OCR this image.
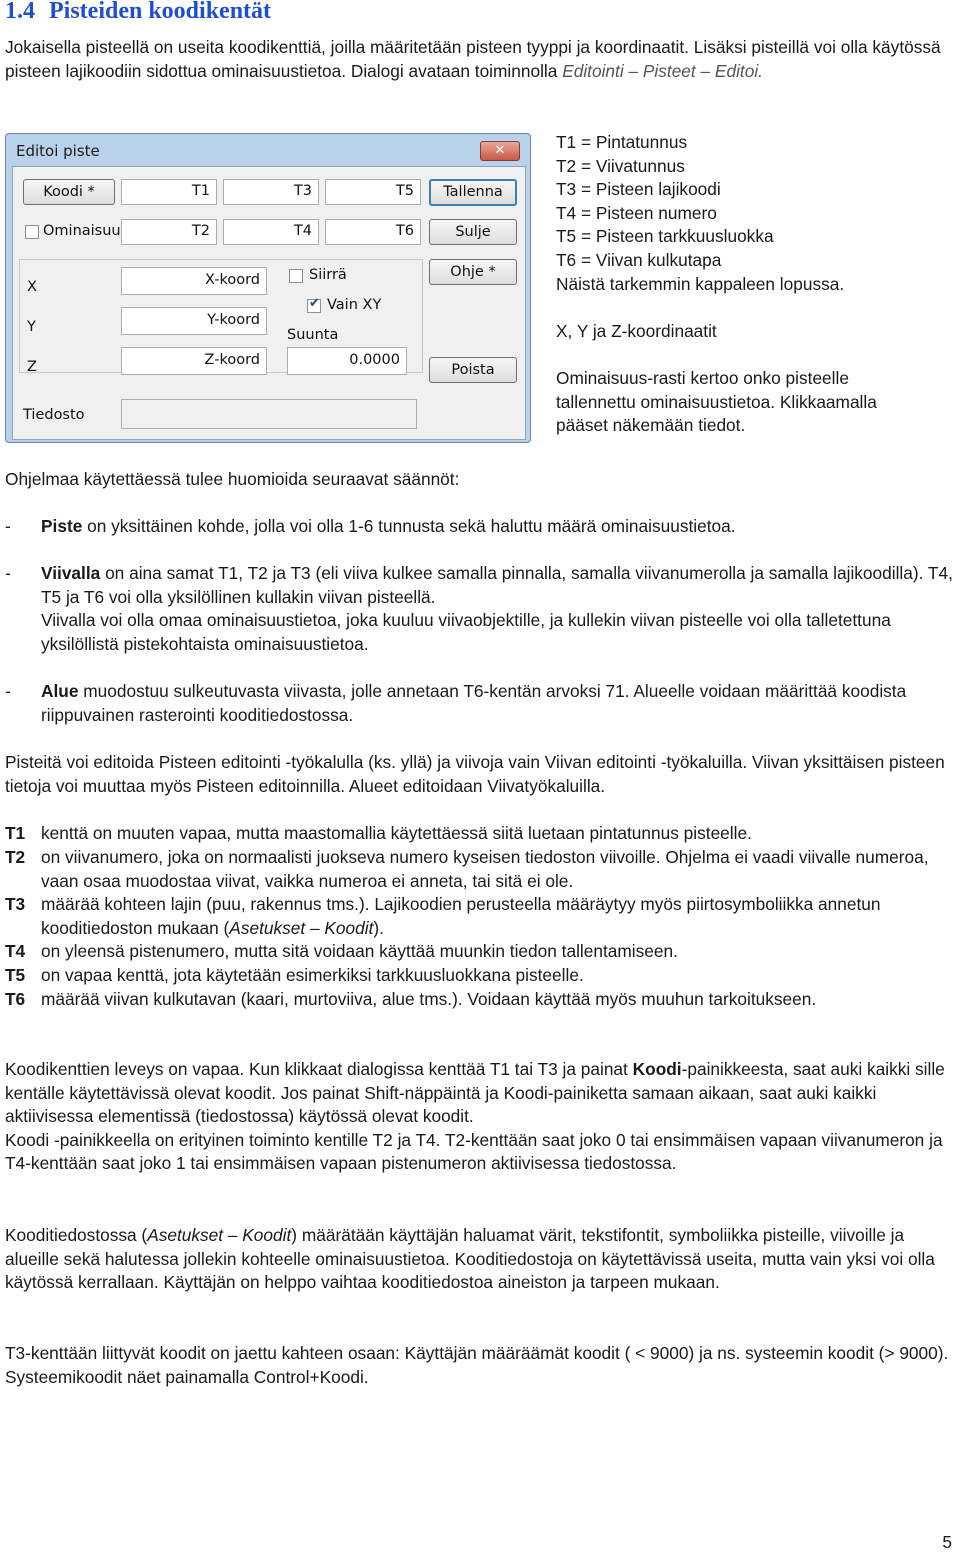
1.4 Pisteiden koodikentät
Jokaisella pisteellä on useita koodikenttiä, joilla määritetään pisteen tyyppi ja koordinaatit. Lisäksi pisteillä voi olla käytössä pisteen lajikoodiin sidottua ominaisuustietoa. Dialogi avataan toiminnolla Editointi – Pisteet – Editoi.
Editoi piste	✕
Koodi *	T1	T3	T5	Tallenna
Ominaisuu	T2	T4	T6	Sulje
X
Y
Z
X-koord
Y-koord
Z-koord
Siirrä
✔
Vain XY
Suunta
0.0000
Ohje *
Poista
Tiedosto
T1 = Pintatunnus
T2 = Viivatunnus
T3 = Pisteen lajikoodi
T4 = Pisteen numero
T5 = Pisteen tarkkuusluokka
T6 = Viivan kulkutapa
Näistä tarkemmin kappaleen lopussa.
X, Y ja Z-koordinaatit
Ominaisuus-rasti kertoo onko pisteelle
tallennettu ominaisuustietoa. Klikkaamalla
pääset näkemään tiedot.
Ohjelmaa käytettäessä tulee huomioida seuraavat säännöt:
- Piste on yksittäinen kohde, jolla voi olla 1-6 tunnusta sekä haluttu määrä ominaisuustietoa.
- Viivalla on aina samat T1, T2 ja T3 (eli viiva kulkee samalla pinnalla, samalla viivanumerolla ja samalla lajikoodilla). T4, T5 ja T6 voi olla yksilöllinen kullakin viivan pisteellä.
Viivalla voi olla omaa ominaisuustietoa, joka kuuluu viivaobjektille, ja kullekin viivan pisteelle voi olla talletettuna yksilöllistä pistekohtaista ominaisuustietoa.
- Alue muodostuu sulkeutuvasta viivasta, jolle annetaan T6-kentän arvoksi 71. Alueelle voidaan määrittää koodista riippuvainen rasterointi kooditiedostossa.
Pisteitä voi editoida Pisteen editointi -työkalulla (ks. yllä) ja viivoja vain Viivan editointi -työkaluilla. Viivan yksittäisen pisteen tietoja voi muuttaa myös Pisteen editoinnilla. Alueet editoidaan Viivatyökaluilla.
T1 kenttä on muuten vapaa, mutta maastomallia käytettäessä siitä luetaan pintatunnus pisteelle.
T2 on viivanumero, joka on normaalisti juokseva numero kyseisen tiedoston viivoille. Ohjelma ei vaadi viivalle numeroa, vaan osaa muodostaa viivat, vaikka numeroa ei anneta, tai sitä ei ole.
T3 määrää kohteen lajin (puu, rakennus tms.). Lajikoodien perusteella määräytyy myös piirtosymboliikka annetun kooditiedoston mukaan (Asetukset – Koodit).
T4 on yleensä pistenumero, mutta sitä voidaan käyttää muunkin tiedon tallentamiseen.
T5 on vapaa kenttä, jota käytetään esimerkiksi tarkkuusluokkana pisteelle.
T6 määrää viivan kulkutavan (kaari, murtoviiva, alue tms.). Voidaan käyttää myös muuhun tarkoitukseen.
Koodikenttien leveys on vapaa. Kun klikkaat dialogissa kenttää T1 tai T3 ja painat Koodi-painikkeesta, saat auki kaikki sille kentälle käytettävissä olevat koodit. Jos painat Shift-näppäintä ja Koodi-painiketta samaan aikaan, saat auki kaikki aktiivisessa elementissä (tiedostossa) käytössä olevat koodit.
Koodi -painikkeella on erityinen toiminto kentille T2 ja T4. T2-kenttään saat joko 0 tai ensimmäisen vapaan viivanumeron ja T4-kenttään saat joko 1 tai ensimmäisen vapaan pistenumeron aktiivisessa tiedostossa.
Kooditiedostossa (Asetukset – Koodit) määrätään käyttäjän haluamat värit, tekstifontit, symboliikka pisteille, viivoille ja alueille sekä halutessa jollekin kohteelle ominaisuustietoa. Kooditiedostoja on käytettävissä useita, mutta vain yksi voi olla käytössä kerrallaan. Käyttäjän on helppo vaihtaa kooditiedostoa aineiston ja tarpeen mukaan.
T3-kenttään liittyvät koodit on jaettu kahteen osaan: Käyttäjän määräämät koodit ( < 9000) ja ns. systeemin koodit (> 9000). Systeemikoodit näet painamalla Control+Koodi.
5
